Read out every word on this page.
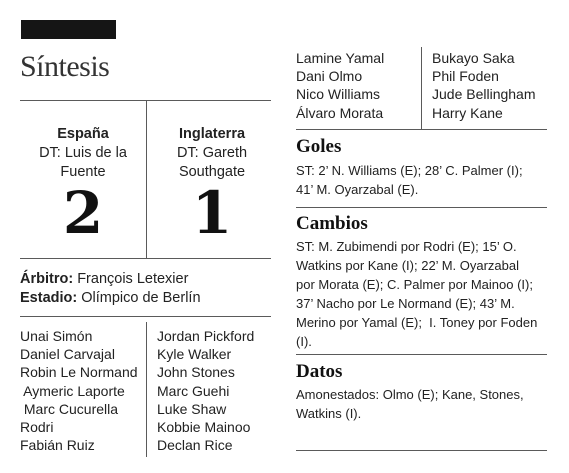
Síntesis
España
DT: Luis de la
Fuente
2
Inglaterra
DT: Gareth
Southgate
1
Árbitro: François Letexier
Estadio: Olímpico de Berlín
Unai Simón
Daniel Carvajal
Robin Le Normand
Aymeric Laporte
Marc Cucurella
Rodri
Fabián Ruiz
Jordan Pickford
Kyle Walker
John Stones
Marc Guehi
Luke Shaw
Kobbie Mainoo
Declan Rice
Lamine Yamal
Dani Olmo
Nico Williams
Álvaro Morata
Bukayo Saka
Phil Foden
Jude Bellingham
Harry Kane
Goles
ST: 2’ N. Williams (E); 28’ C. Palmer (I);
41’ M. Oyarzabal (E).
Cambios
ST: M. Zubimendi por Rodri (E); 15’ O.
Watkins por Kane (I); 22’ M. Oyarzabal
por Morata (E); C. Palmer por Mainoo (I);
37’ Nacho por Le Normand (E); 43’ M.
Merino por Yamal (E);  I. Toney por Foden
(I).
Datos
Amonestados: Olmo (E); Kane, Stones,
Watkins (I).
